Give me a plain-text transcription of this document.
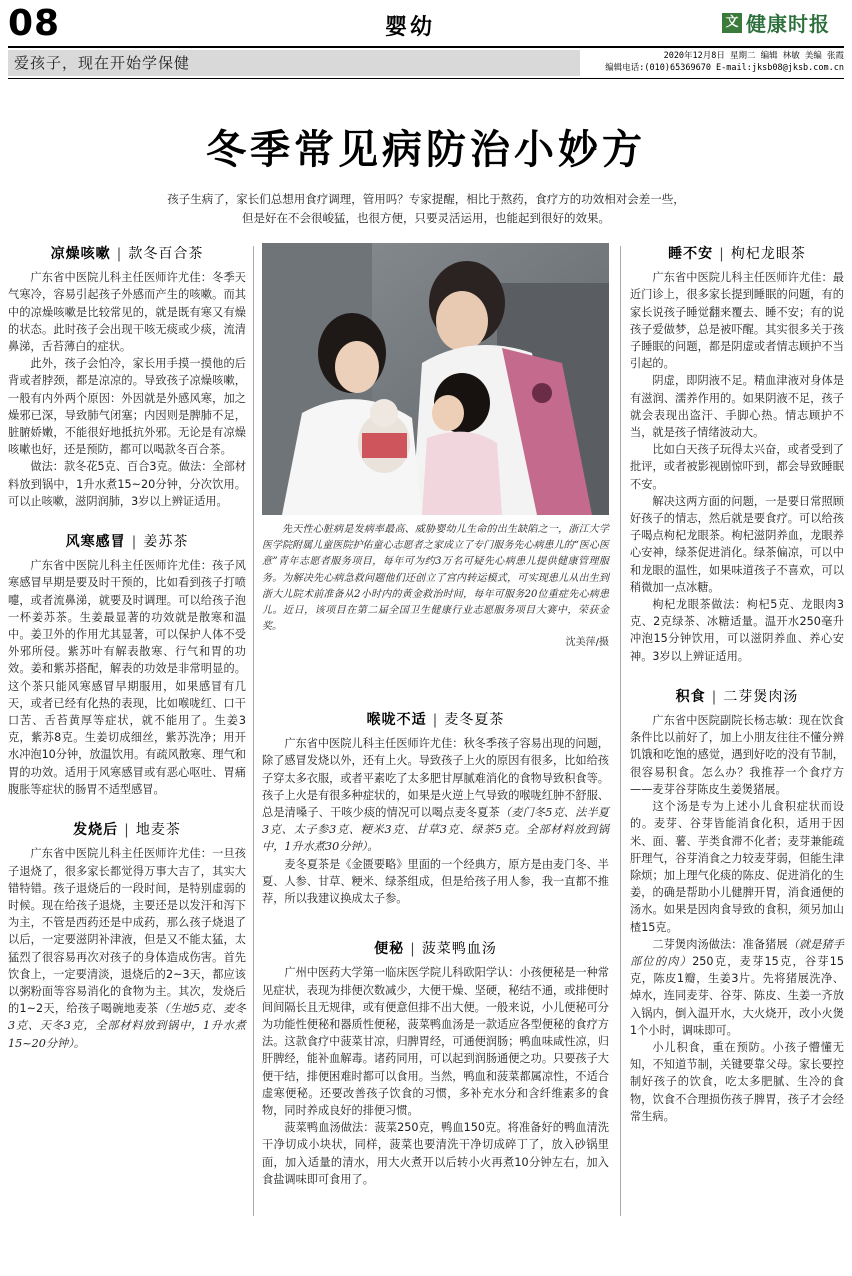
08	婴幼	文 健康时报
爱孩子，现在开始学保健	2020年12月8日 星期二 编辑 林敏 美编 张霞
编辑电话:(010)65369670 E-mail:jksb08@jksb.com.cn
冬季常见病防治小妙方
孩子生病了，家长们总想用食疗调理，管用吗？专家提醒，相比于熬药，食疗方的功效相对会差一些，
但是好在不会很峻猛，也很方便，只要灵活运用，也能起到很好的效果。
凉燥咳嗽 | 款冬百合茶

广东省中医院儿科主任医师许尤佳：冬季天气寒冷，容易引起孩子外感而产生的咳嗽。而其中的凉燥咳嗽是比较常见的，就是既有寒又有燥的状态。此时孩子会出现干咳无痰或少痰，流清鼻涕，舌苔薄白的症状。

此外，孩子会怕冷，家长用手摸一摸他的后背或者脖颈，都是凉凉的。导致孩子凉燥咳嗽，一般有内外两个原因：外因就是外感风寒，加之燥邪已深，导致肺气闭塞；内因则是脾肺不足，脏腑娇嫩，不能很好地抵抗外邪。无论是有凉燥咳嗽也好，还是预防，都可以喝款冬百合茶。

做法：款冬花5克、百合3克。做法：全部材料放到锅中，1升水煮15~20分钟，分次饮用。可以止咳嗽，滋阴润肺，3岁以上辨证适用。

风寒感冒 | 姜苏茶

广东省中医院儿科主任医师许尤佳：孩子风寒感冒早期是要及时干预的，比如看到孩子打喷嚏，或者流鼻涕，就要及时调理。可以给孩子泡一杯姜苏茶。生姜最显著的功效就是散寒和温中。姜卫外的作用尤其显著，可以保护人体不受外邪所侵。紫苏叶有解表散寒、行气和胃的功效。姜和紫苏搭配，解表的功效是非常明显的。这个茶只能风寒感冒早期服用，如果感冒有几天，或者已经有化热的表现，比如喉咙红、口干口苦、舌苔黄厚等症状，就不能用了。生姜3克，紫苏8克。生姜切成细丝，紫苏洗净；用开水冲泡10分钟，放温饮用。有疏风散寒、理气和胃的功效。适用于风寒感冒或有恶心呕吐、胃痛腹胀等症状的肠胃不适型感冒。

发烧后 | 地麦茶

广东省中医院儿科主任医师许尤佳：一旦孩子退烧了，很多家长都觉得万事大吉了，其实大错特错。孩子退烧后的一段时间，是特别虚弱的时候。现在给孩子退烧，主要还是以发汗和泻下为主，不管是西药还是中成药，那么孩子烧退了以后，一定要滋阴补津液，但是又不能太猛，太猛烈了很容易再次对孩子的身体造成伤害。首先饮食上，一定要清淡，退烧后的2~3天，都应该以粥粉面等容易消化的食物为主。其次，发烧后的1~2天，给孩子喝碗地麦茶（生地5克、麦冬3克、天冬3克，全部材料放到锅中，1升水煮15~20分钟）。

先天性心脏病是发病率最高、威胁婴幼儿生命的出生缺陷之一，浙江大学医学院附属儿童医院护佑童心志愿者之家成立了专门服务先心病患儿的“医心医意”青年志愿者服务项目，每年可为约3万名可疑先心病患儿提供健康管理服务。为解决先心病急救问题他们还创立了宫内转运模式，可实现患儿从出生到浙大儿院术前准备从2小时内的黄金救治时间，每年可服务20位重症先心病患儿。近日，该项目在第二届全国卫生健康行业志愿服务项目大赛中，荣获金奖。
沈美萍/摄
喉咙不适 | 麦冬夏茶

广东省中医院儿科主任医师许尤佳：秋冬季孩子容易出现的问题，除了感冒发烧以外，还有上火。导致孩子上火的原因有很多，比如给孩子穿太多衣服，或者平素吃了太多肥甘厚腻难消化的食物导致积食等。孩子上火是有很多种症状的，如果是火逆上气导致的喉咙红肿不舒服、总是清嗓子、干咳少痰的情况可以喝点麦冬夏茶（麦门冬5克、法半夏3克、太子参3克、粳米3克、甘草3克、绿茶5克。全部材料放到锅中，1升水煮30分钟）。

麦冬夏茶是《金匮要略》里面的一个经典方，原方是由麦门冬、半夏、人参、甘草、粳米、绿茶组成，但是给孩子用人参，我一直都不推荐，所以我建议换成太子参。

便秘 | 菠菜鸭血汤

广州中医药大学第一临床医学院儿科欧阳学认：小孩便秘是一种常见症状，表现为排便次数减少，大便干燥、坚硬，秘结不通，或排便时间间隔长且无规律，或有便意但排不出大便。一般来说，小儿便秘可分为功能性便秘和器质性便秘，菠菜鸭血汤是一款适应各型便秘的食疗方法。这款食疗中菠菜甘凉，归脾胃经，可通便润肠；鸭血味咸性凉，归肝脾经，能补血解毒。诸药同用，可以起到润肠通便之功。只要孩子大便干结，排便困难时都可以食用。当然，鸭血和菠菜都属凉性，不适合虚寒便秘。还要改善孩子饮食的习惯，多补充水分和含纤维素多的食物，同时养成良好的排便习惯。

菠菜鸭血汤做法：菠菜250克，鸭血150克。将准备好的鸭血清洗干净切成小块状，同样，菠菜也要清洗干净切成碎丁了，放入砂锅里面，加入适量的清水，用大火煮开以后转小火再煮10分钟左右，加入食盐调味即可食用了。

睡不安 | 枸杞龙眼茶

广东省中医院儿科主任医师许尤佳：最近门诊上，很多家长提到睡眠的问题，有的家长说孩子睡觉翻来覆去、睡不安；有的说孩子爱做梦，总是被吓醒。其实很多关于孩子睡眠的问题，都是阴虚或者情志顾护不当引起的。

阴虚，即阴液不足。精血津液对身体是有滋润、濡养作用的。如果阴液不足，孩子就会表现出盗汗、手脚心热。情志顾护不当，就是孩子情绪波动大。

比如白天孩子玩得太兴奋，或者受到了批评，或者被影视剧惊吓到，都会导致睡眠不安。

解决这两方面的问题，一是要日常照顾好孩子的情志，然后就是要食疗。可以给孩子喝点枸杞龙眼茶。枸杞滋阴养血，龙眼养心安神，绿茶促进消化。绿茶偏凉，可以中和龙眼的温性，如果味道孩子不喜欢，可以稍微加一点冰糖。

枸杞龙眼茶做法：枸杞5克、龙眼肉3克、2克绿茶、冰糖适量。温开水250毫升冲泡15分钟饮用，可以滋阴养血、养心安神。3岁以上辨证适用。

积食 | 二芽煲肉汤

广东省中医院副院长杨志敏：现在饮食条件比以前好了，加上小朋友往往不懂分辨饥饿和吃饱的感觉，遇到好吃的没有节制，很容易积食。怎么办？我推荐一个食疗方——麦芽谷芽陈皮生姜煲猪展。

这个汤是专为上述小儿食积症状而设的。麦芽、谷芽皆能消食化积，适用于因米、面、薯、芋类食滞不化者；麦芽兼能疏肝理气，谷芽消食之力较麦芽弱，但能生津除烦；加上理气化痰的陈皮、促进消化的生姜，的确是帮助小儿健脾开胃，消食通便的汤水。如果是因肉食导致的食积，须另加山楂15克。

二芽煲肉汤做法：准备猪展（就是猪手部位的肉）250克，麦芽15克，谷芽15克，陈皮1瓣，生姜3片。先将猪展洗净、焯水，连同麦芽、谷芽、陈皮、生姜一齐放入锅内，倒入温开水，大火烧开，改小火煲1个小时，调味即可。

小儿积食，重在预防。小孩子懵懂无知，不知道节制，关键要靠父母。家长要控制好孩子的饮食，吃太多肥腻、生冷的食物，饮食不合理损伤孩子脾胃，孩子才会经常生病。
